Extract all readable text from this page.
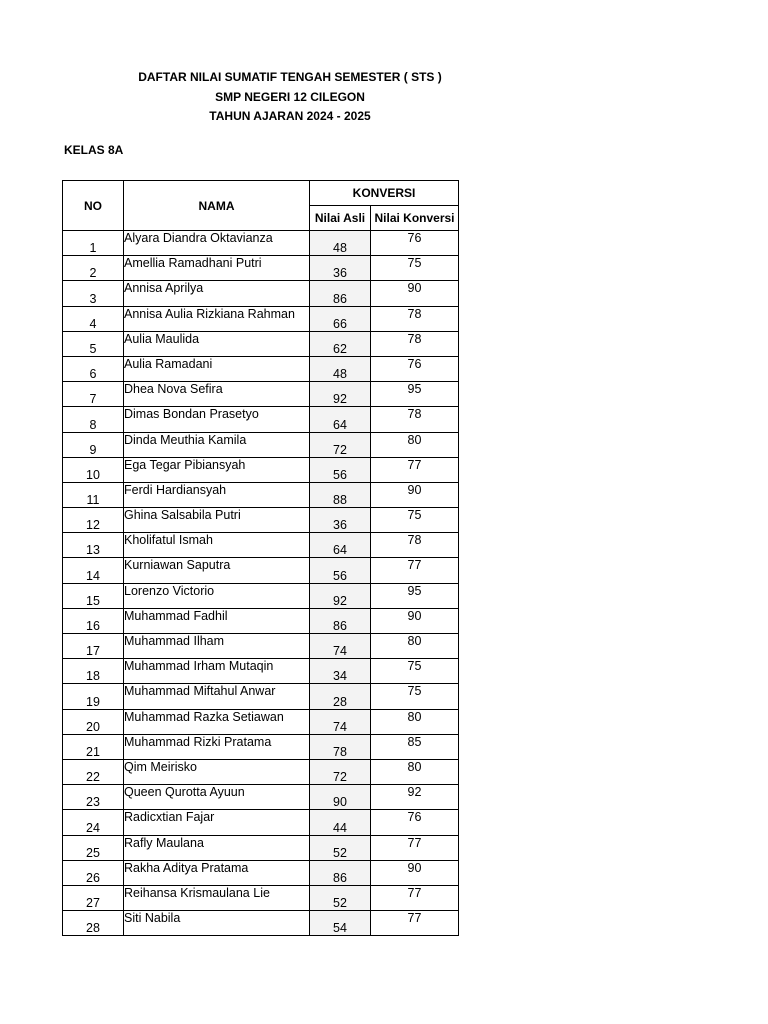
DAFTAR NILAI SUMATIF TENGAH SEMESTER ( STS )
SMP NEGERI 12 CILEGON
TAHUN AJARAN 2024 - 2025
KELAS 8A
NO	NAMA	KONVERSI	
		Nilai Asli	Nilai Konversi
1	Alyara Diandra Oktavianza	48	76
2	Amellia Ramadhani Putri	36	75
3	Annisa Aprilya	86	90
4	Annisa Aulia Rizkiana Rahman	66	78
5	Aulia Maulida	62	78
6	Aulia Ramadani	48	76
7	Dhea Nova Sefira	92	95
8	Dimas Bondan Prasetyo	64	78
9	Dinda Meuthia Kamila	72	80
10	Ega Tegar Pibiansyah	56	77
11	Ferdi Hardiansyah	88	90
12	Ghina Salsabila Putri	36	75
13	Kholifatul Ismah	64	78
14	Kurniawan Saputra	56	77
15	Lorenzo Victorio	92	95
16	Muhammad Fadhil	86	90
17	Muhammad Ilham	74	80
18	Muhammad Irham Mutaqin	34	75
19	Muhammad Miftahul Anwar	28	75
20	Muhammad Razka Setiawan	74	80
21	Muhammad Rizki Pratama	78	85
22	Qim Meirisko	72	80
23	Queen Qurotta Ayuun	90	92
24	Radicxtian Fajar	44	76
25	Rafly Maulana	52	77
26	Rakha Aditya Pratama	86	90
27	Reihansa Krismaulana Lie	52	77
28	Siti Nabila	54	77
